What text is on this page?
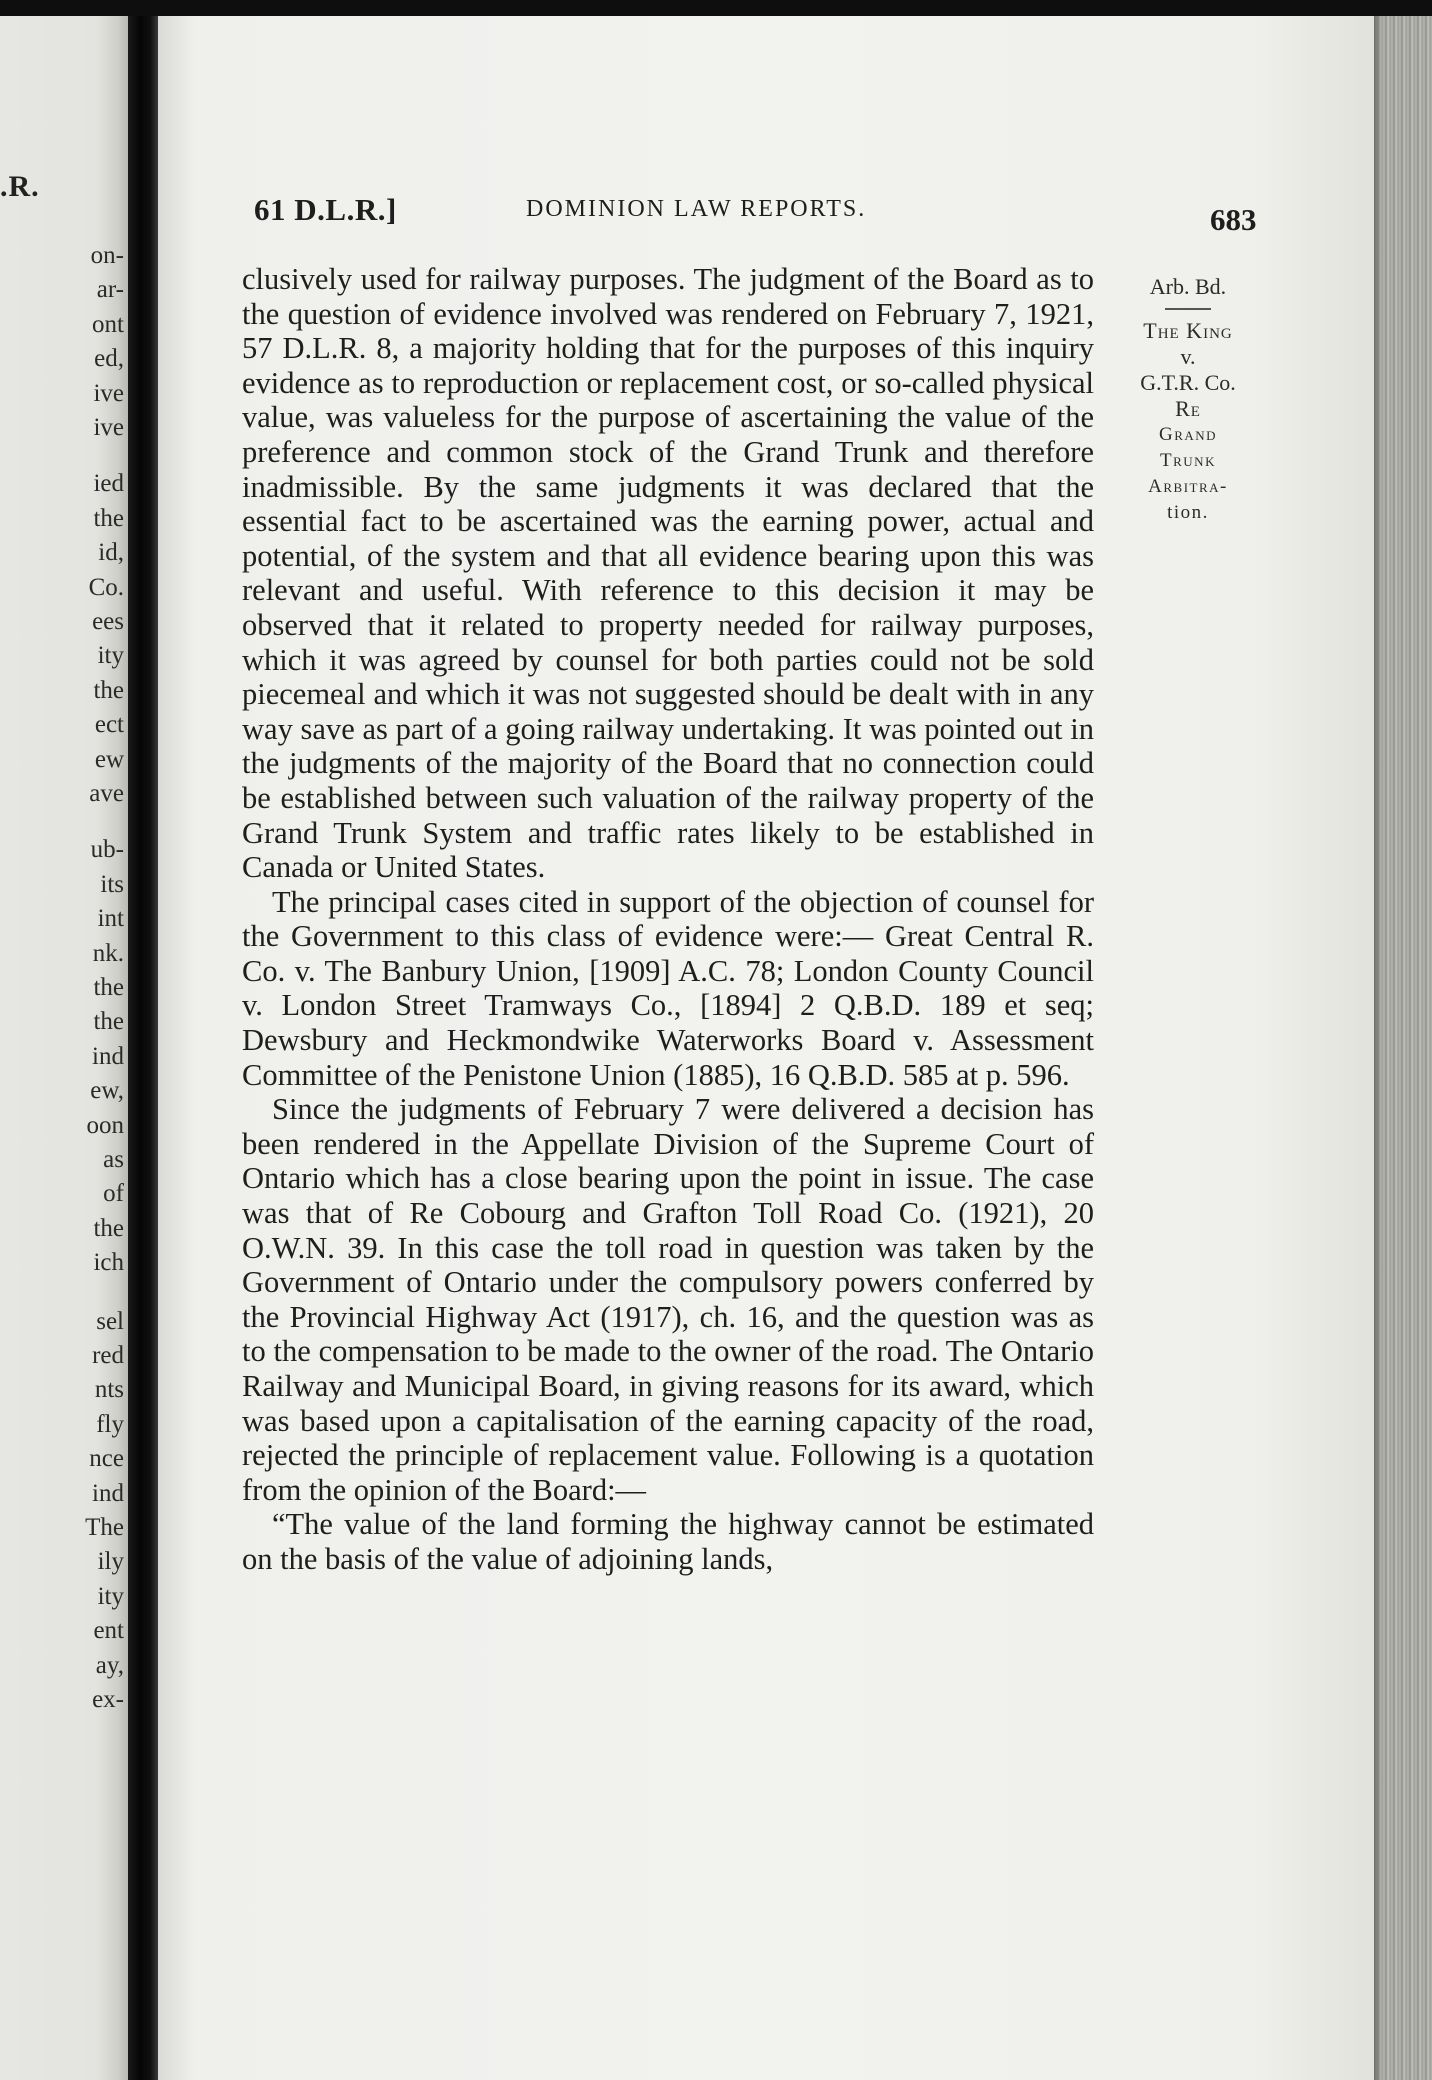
.R.
on-
ar-
ont
ed,
ive
ive
ied
the
id,
Co.
ees
ity
the
ect
ew
ave
ub-
its
int
nk.
the
the
ind
ew,
oon
as
of
the
ich
sel
red
nts
fly
nce
ind
The
ily
ity
ent
ay,
ex-
61 D.L.R.]	DOMINION LAW REPORTS.	683

clusively used for railway purposes. The judgment of the Board as to the question of evidence involved was rendered on February 7, 1921, 57 D.L.R. 8, a majority holding that for the purposes of this inquiry evidence as to reproduction or replacement cost, or so-called physical value, was valueless for the purpose of ascertaining the value of the preference and common stock of the Grand Trunk and therefore inadmissible. By the same judgments it was declared that the essential fact to be ascertained was the earning power, actual and potential, of the system and that all evidence bearing upon this was relevant and useful. With reference to this decision it may be observed that it related to property needed for railway purposes, which it was agreed by counsel for both parties could not be sold piecemeal and which it was not suggested should be dealt with in any way save as part of a going railway undertaking. It was pointed out in the judgments of the majority of the Board that no connection could be established between such valuation of the railway property of the Grand Trunk System and traffic rates likely to be established in Canada or United States.

The principal cases cited in support of the objection of counsel for the Government to this class of evidence were:— Great Central R. Co. v. The Banbury Union, [1909] A.C. 78; London County Council v. London Street Tramways Co., [1894] 2 Q.B.D. 189 et seq; Dewsbury and Heckmondwike Waterworks Board v. Assessment Committee of the Penistone Union (1885), 16 Q.B.D. 585 at p. 596.

Since the judgments of February 7 were delivered a decision has been rendered in the Appellate Division of the Supreme Court of Ontario which has a close bearing upon the point in issue. The case was that of Re Cobourg and Grafton Toll Road Co. (1921), 20 O.W.N. 39. In this case the toll road in question was taken by the Government of Ontario under the compulsory powers conferred by the Provincial Highway Act (1917), ch. 16, and the question was as to the compensation to be made to the owner of the road. The Ontario Railway and Municipal Board, in giving reasons for its award, which was based upon a capitalisation of the earning capacity of the road, rejected the principle of replacement value. Following is a quotation from the opinion of the Board:—

“The value of the land forming the highway cannot be estimated on the basis of the value of adjoining lands,

Arb. Bd.
The King
v.
G.T.R. Co.
Re
Grand
Trunk
Arbitra-
tion.
